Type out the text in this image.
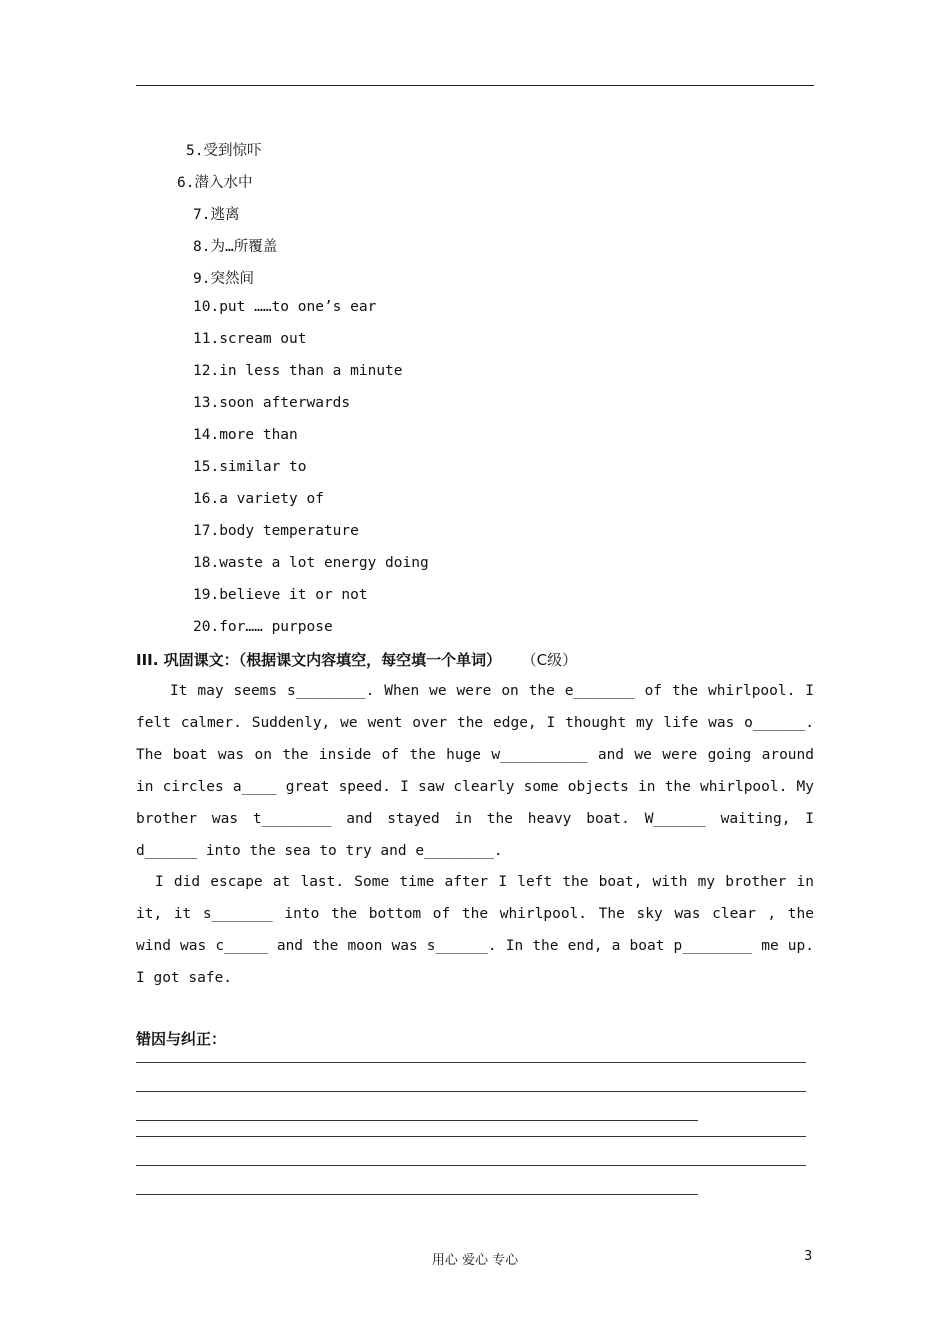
5.受到惊吓
6.潜入水中
7.逃离
8.为…所覆盖
9.突然间
10.put ……to one’s ear
11.scream out
12.in less than a minute
13.soon afterwards
14.more than
15.similar to
16.a variety of
17.body temperature
18.waste a lot energy doing
19.believe it or not
20.for…… purpose
III. 巩固课文：（根据课文内容填空，每空填一个单词） （C级）
It may seems s________. When we were on the e_______ of the whirlpool. I felt calmer. Suddenly, we went over the edge, I thought my life was o______. The boat was on the inside of the huge w__________ and we were going around in circles a____ great speed. I saw clearly some objects in the whirlpool. My brother was t________ and stayed in the heavy boat. W______ waiting, I d______ into the sea to try and e________.
I did escape at last. Some time after I left the boat, with my brother in it, it s_______ into the bottom of the whirlpool. The sky was clear , the wind was c_____ and the moon was s______. In the end, a boat p________ me up. I got safe.
错因与纠正：
用心 爱心 专心	3
